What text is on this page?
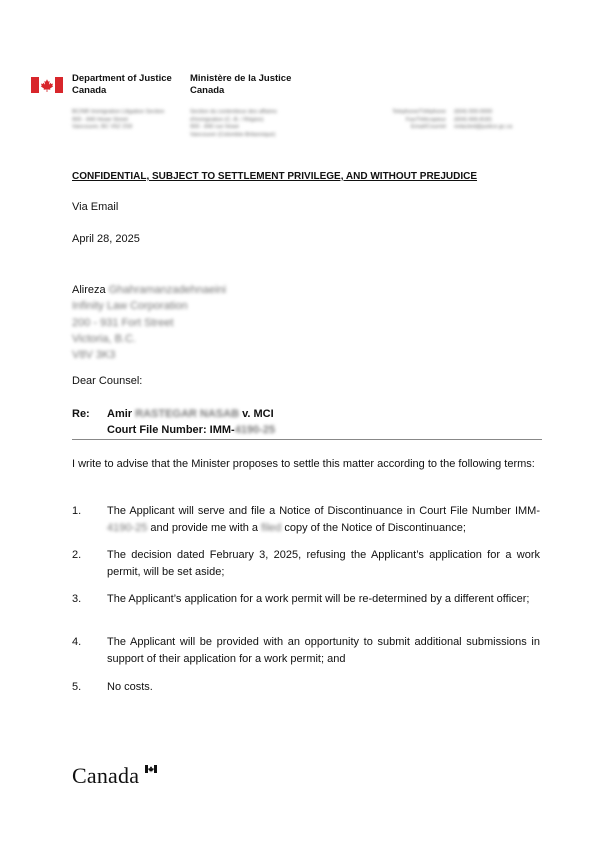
Department of Justice
Canada
Ministère de la Justice
Canada
BC/NR Immigration Litigation Section
900 - 840 Howe Street
Vancouver, BC V6Z 2S9
Section du contentieux des affaires
d'immigration (C.-B. / Région)
900 - 840 rue Howe
Vancouver (Colombie-Britannique)
Telephone/Téléphone
Fax/Télécopieur
Email/Courriel
(604) 000-0000
(604) 666-8181
redacted@justice.gc.ca
CONFIDENTIAL, SUBJECT TO SETTLEMENT PRIVILEGE, AND WITHOUT PREJUDICE
Via Email
April 28, 2025
Alireza Ghahramanzadehnaeini
Infinity Law Corporation
200 - 931 Fort Street
Victoria, B.C.
V8V 3K3
Dear Counsel:
Re: Amir RASTEGAR NASAB v. MCI
Court File Number: IMM-4190-25
I write to advise that the Minister proposes to settle this matter according to the following terms:
1.	The Applicant will serve and file a Notice of Discontinuance in Court File Number IMM-4190-25 and provide me with a filed copy of the Notice of Discontinuance;
2.	The decision dated February 3, 2025, refusing the Applicant’s application for a work permit, will be set aside;
3.	The Applicant’s application for a work permit will be re-determined by a different officer;
4.	The Applicant will be provided with an opportunity to submit additional submissions in support of their application for a work permit; and
5.	No costs.
Canada
